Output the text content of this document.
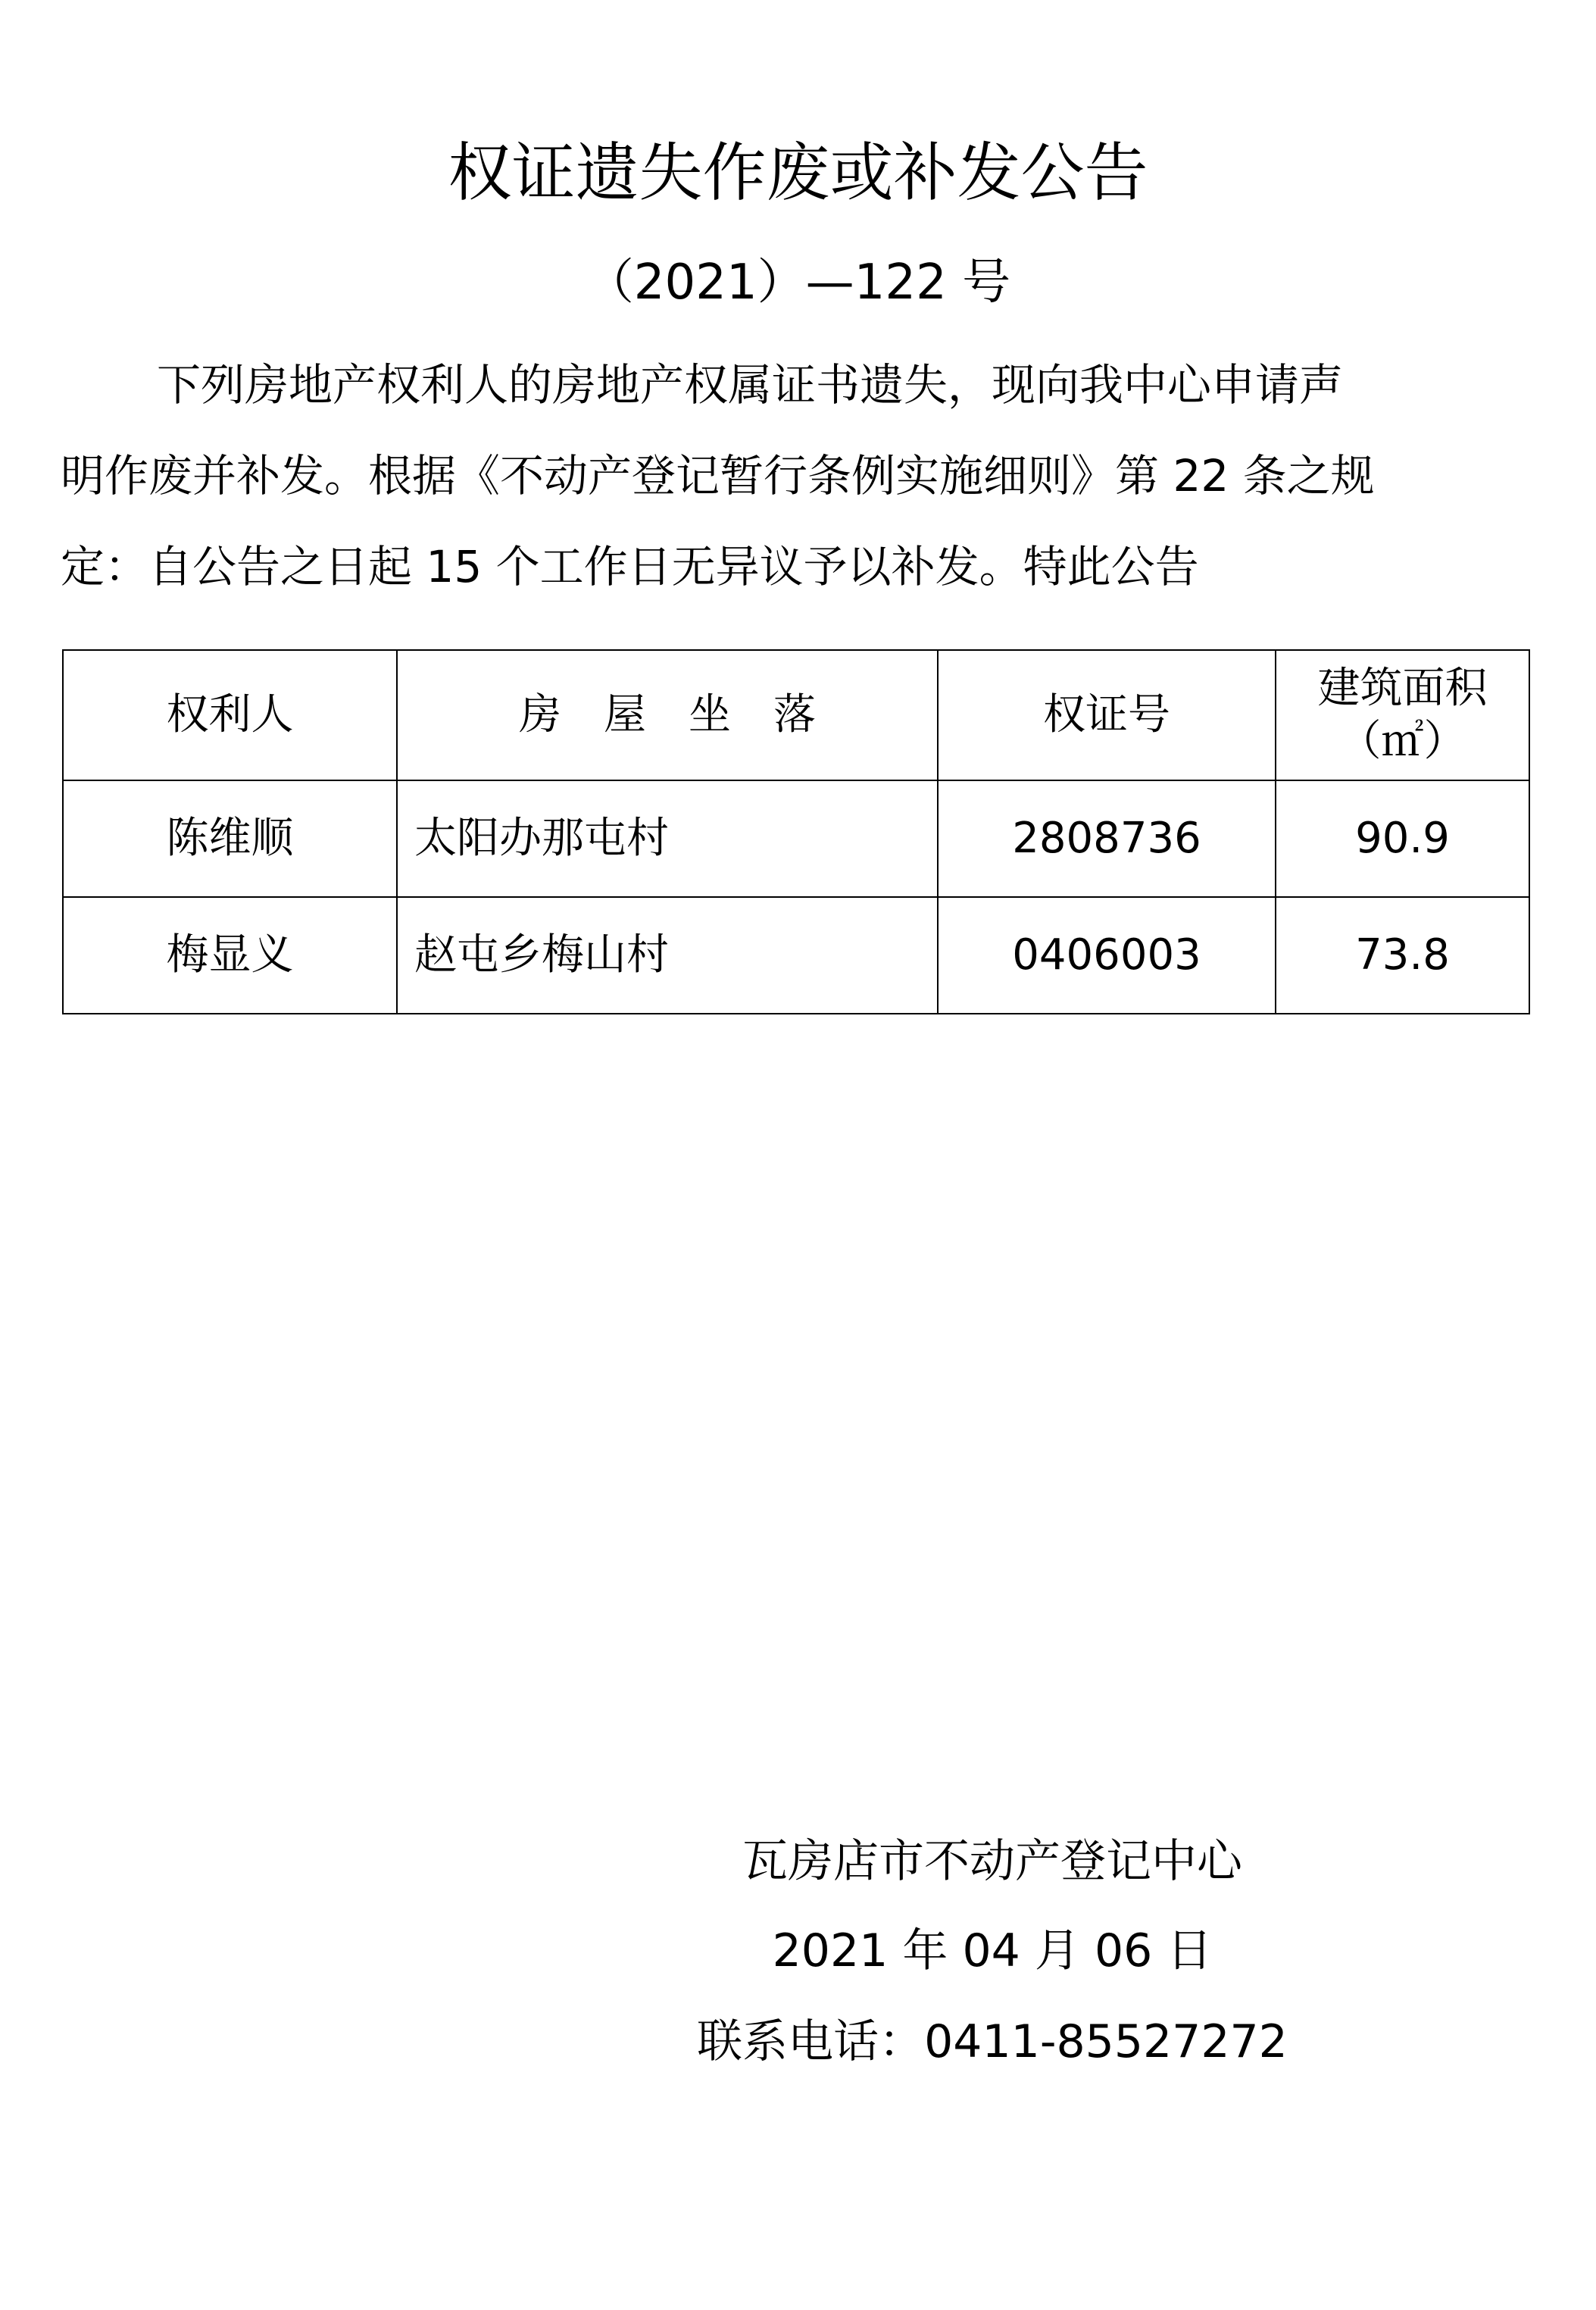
权证遗失作废或补发公告
（2021）—122 号
下列房地产权利人的房地产权属证书遗失，现向我中心申请声
明作废并补发。根据《不动产登记暂行条例实施细则》第 22 条之规
定：自公告之日起 15 个工作日无异议予以补发。特此公告
权利人	房　屋　坐　落	权证号	建筑面积
（㎡）

陈维顺	太阳办那屯村	2808736	90.9
梅显义	赵屯乡梅山村	0406003	73.8
瓦房店市不动产登记中心
2021 年 04 月 06 日
联系电话：0411-85527272
